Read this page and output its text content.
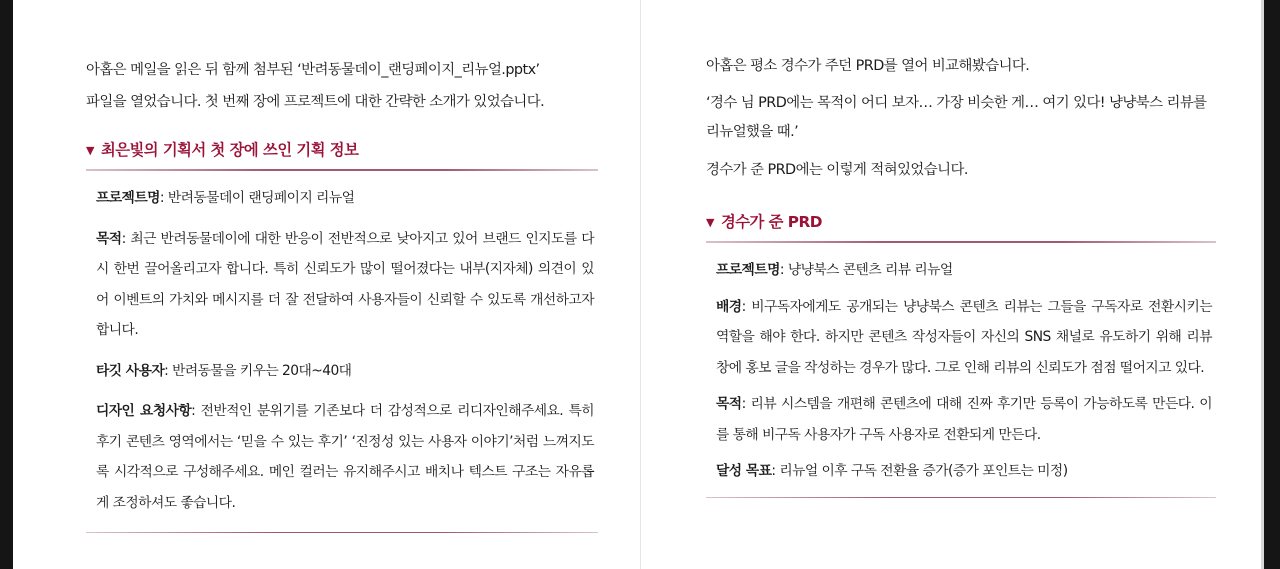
아홉은 메일을 읽은 뒤 함께 첨부된 ‘반려동물데이_랜딩페이지_리뉴얼.pptx’
파일을 열었습니다. 첫 번째 장에 프로젝트에 대한 간략한 소개가 있었습니다.
▼ 최은빛의 기획서 첫 장에 쓰인 기획 정보
프로젝트명: 반려동물데이 랜딩페이지 리뉴얼
목적: 최근 반려동물데이에 대한 반응이 전반적으로 낮아지고 있어 브랜드 인지도를 다시 한번 끌어올리고자 합니다. 특히 신뢰도가 많이 떨어졌다는 내부(지자체) 의견이 있어 이벤트의 가치와 메시지를 더 잘 전달하여 사용자들이 신뢰할 수 있도록 개선하고자 합니다.
타깃 사용자: 반려동물을 키우는 20대~40대
디자인 요청사항: 전반적인 분위기를 기존보다 더 감성적으로 리디자인해주세요. 특히 후기 콘텐츠 영역에서는 ‘믿을 수 있는 후기’ ‘진정성 있는 사용자 이야기’처럼 느껴지도록 시각적으로 구성해주세요. 메인 컬러는 유지해주시고 배치나 텍스트 구조는 자유롭게 조정하셔도 좋습니다.
아홉은 평소 경수가 주던 PRD를 열어 비교해봤습니다.
‘경수 님 PRD에는 목적이 어디 보자… 가장 비슷한 게… 여기 있다! 냥냥북스 리뷰를 리뉴얼했을 때.’
경수가 준 PRD에는 이렇게 적혀있었습니다.
▼ 경수가 준 PRD
프로젝트명: 냥냥북스 콘텐츠 리뷰 리뉴얼
배경: 비구독자에게도 공개되는 냥냥북스 콘텐츠 리뷰는 그들을 구독자로 전환시키는 역할을 해야 한다. 하지만 콘텐츠 작성자들이 자신의 SNS 채널로 유도하기 위해 리뷰 창에 홍보 글을 작성하는 경우가 많다. 그로 인해 리뷰의 신뢰도가 점점 떨어지고 있다.
목적: 리뷰 시스템을 개편해 콘텐츠에 대해 진짜 후기만 등록이 가능하도록 만든다. 이를 통해 비구독 사용자가 구독 사용자로 전환되게 만든다.
달성 목표: 리뉴얼 이후 구독 전환율 증가(증가 포인트는 미정)
